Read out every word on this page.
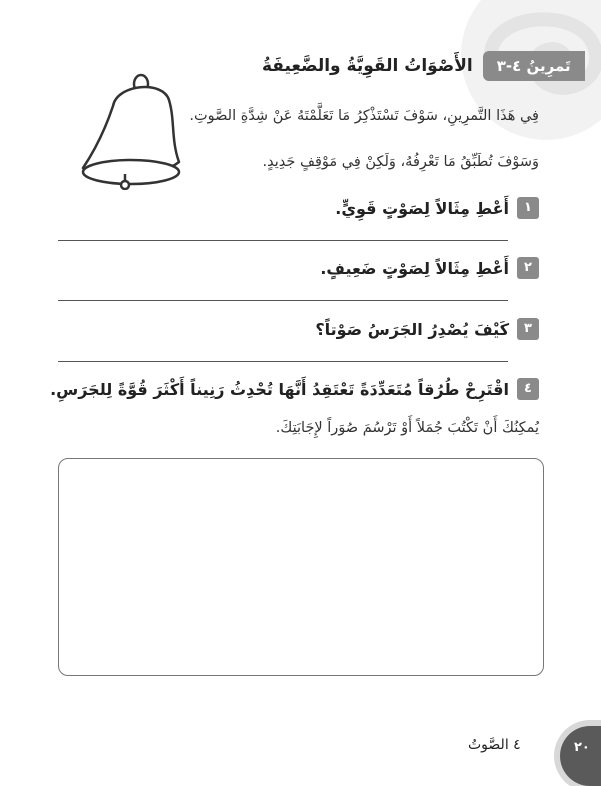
تَمرِينُ ٤-٣
الأَصْوَاتُ القَوِيَّةُ والضَّعِيفَةُ
فِي هَذَا التَّمرِينِ، سَوْفَ تَسْتَذْكِرُ مَا تَعَلَّمْتَهُ عَنْ شِدَّةِ الصَّوتِ.
وَسَوْفَ تُطَبِّقُ مَا تَعْرِفُهُ، وَلَكِنْ فِي مَوْقِفٍ جَدِيدٍ.
١
أَعْطِ مِثَالاً لِصَوْتٍ قَوِيٍّ.
٢
أَعْطِ مِثَالاً لِصَوْتٍ ضَعِيفٍ.
٣
كَيْفَ يُصْدِرُ الجَرَسُ صَوْتاً؟
٤
اقْتَرِحْ طُرُقاً مُتَعَدِّدَةً تَعْتَقِدُ أَنَّهَا تُحْدِثُ رَنِيناً أَكْثَرَ قُوَّةً لِلجَرَسِ.
يُمكِنُكَ أَنْ تَكْتُبَ جُمَلاً أَوْ تَرْسُمَ صُوَراً لإِجَابَتِكَ.
٤ الصَّوتُ	٢٠
